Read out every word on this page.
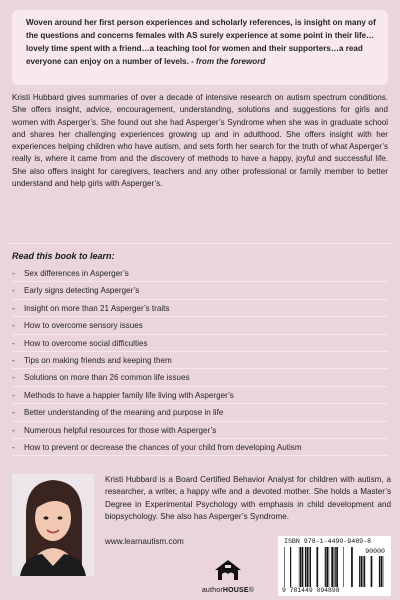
Woven around her first person experiences and scholarly references, is insight on many of the questions and concerns females with AS surely experience at some point in their life… lovely time spent with a friend…a teaching tool for women and their supporters…a read everyone can enjoy on a number of levels. - from the foreword

Kristi Hubbard gives summaries of over a decade of intensive research on autism spectrum conditions. She offers insight, advice, encouragement, understanding, solutions and suggestions for girls and women with Asperger’s. She found out she had Asperger’s Syndrome when she was in graduate school and shares her challenging experiences growing up and in adulthood. She offers insight with her experiences helping children who have autism, and sets forth her search for the truth of what Asperger’s really is, where it came from and the discovery of methods to have a happy, joyful and successful life. She also offers insight for caregivers, teachers and any other professional or family member to better understand and help girls with Asperger’s.

Read this book to learn:
- Sex differences in Asperger’s
- Early signs detecting Asperger’s
- Insight on more than 21 Asperger’s traits
- How to overcome sensory issues
- How to overcome social difficulties
- Tips on making friends and keeping them
- Solutions on more than 26 common life issues
- Methods to have a happier family life living with Asperger’s
- Better understanding of the meaning and purpose in life
- Numerous helpful resources for those with Asperger’s
- How to prevent or decrease the chances of your child from developing Autism

Kristi Hubbard is a Board Certified Behavior Analyst for children with autism, a researcher, a writer, a happy wife and a devoted mother. She holds a Master’s Degree in Experimental Psychology with emphasis in child development and biopsychology. She also has Asperger’s Syndrome.

www.learnautism.com
authorHOUSE®
ISBN 978-1-4490-9489-8
90000
9 781449 094898
